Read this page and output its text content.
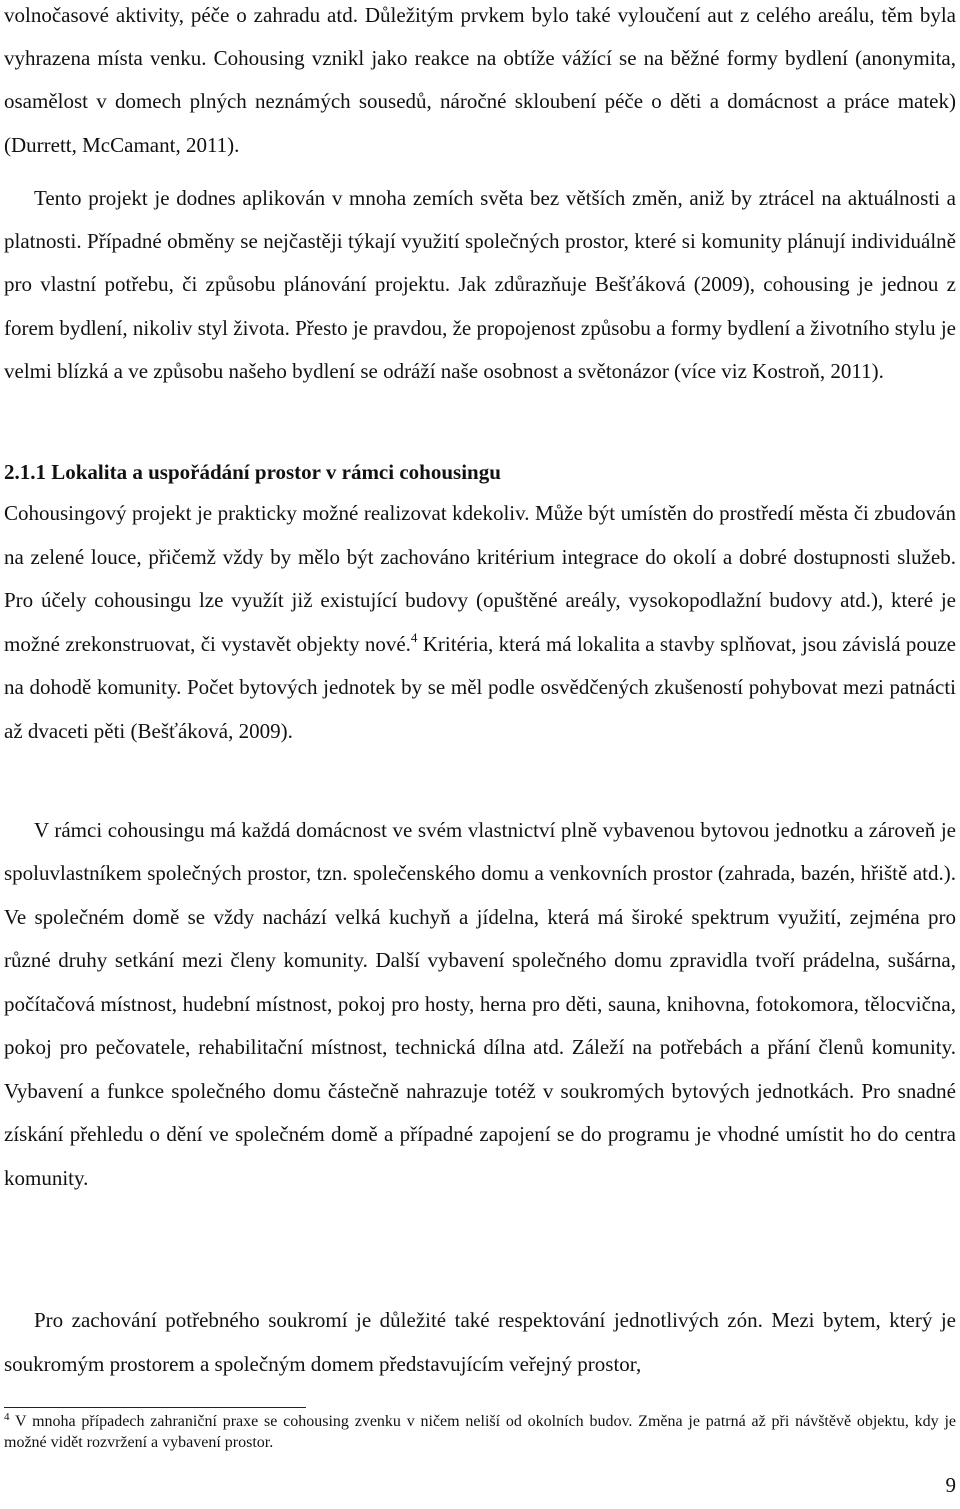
volnočasové aktivity, péče o zahradu atd. Důležitým prvkem bylo také vyloučení aut z celého areálu, těm byla vyhrazena místa venku. Cohousing vznikl jako reakce na obtíže vážící se na běžné formy bydlení (anonymita, osamělost v domech plných neznámých sousedů, náročné skloubení péče o děti a domácnost a práce matek) (Durrett, McCamant, 2011).

Tento projekt je dodnes aplikován v mnoha zemích světa bez větších změn, aniž by ztrácel na aktuálnosti a platnosti. Případné obměny se nejčastěji týkají využití společných prostor, které si komunity plánují individuálně pro vlastní potřebu, či způsobu plánování projektu. Jak zdůrazňuje Bešťáková (2009), cohousing je jednou z forem bydlení, nikoliv styl života. Přesto je pravdou, že propojenost způsobu a formy bydlení a životního stylu je velmi blízká a ve způsobu našeho bydlení se odráží naše osobnost a světonázor (více viz Kostroň, 2011).

2.1.1 Lokalita a uspořádání prostor v rámci cohousingu

Cohousingový projekt je prakticky možné realizovat kdekoliv. Může být umístěn do prostředí města či zbudován na zelené louce, přičemž vždy by mělo být zachováno kritérium integrace do okolí a dobré dostupnosti služeb. Pro účely cohousingu lze využít již existující budovy (opuštěné areály, vysokopodlažní budovy atd.), které je možné zrekonstruovat, či vystavět objekty nové.$^4$ Kritéria, která má lokalita a stavby splňovat, jsou závislá pouze na dohodě komunity. Počet bytových jednotek by se měl podle osvědčených zkušeností pohybovat mezi patnácti až dvaceti pěti (Bešťáková, 2009).

V rámci cohousingu má každá domácnost ve svém vlastnictví plně vybavenou bytovou jednotku a zároveň je spoluvlastníkem společných prostor, tzn. společenského domu a venkovních prostor (zahrada, bazén, hřiště atd.). Ve společném domě se vždy nachází velká kuchyň a jídelna, která má široké spektrum využití, zejména pro různé druhy setkání mezi členy komunity. Další vybavení společného domu zpravidla tvoří prádelna, sušárna, počítačová místnost, hudební místnost, pokoj pro hosty, herna pro děti, sauna, knihovna, fotokomora, tělocvična, pokoj pro pečovatele, rehabilitační místnost, technická dílna atd. Záleží na potřebách a přání členů komunity. Vybavení a funkce společného domu částečně nahrazuje totéž v soukromých bytových jednotkách. Pro snadné získání přehledu o dění ve společném domě a případné zapojení se do programu je vhodné umístit ho do centra komunity.

Pro zachování potřebného soukromí je důležité také respektování jednotlivých zón. Mezi bytem, který je soukromým prostorem a společným domem představujícím veřejný prostor,

$^4$ V mnoha případech zahraniční praxe se cohousing zvenku v ničem neliší od okolních budov. Změna je patrná až při návštěvě objektu, kdy je možné vidět rozvržení a vybavení prostor.

9
